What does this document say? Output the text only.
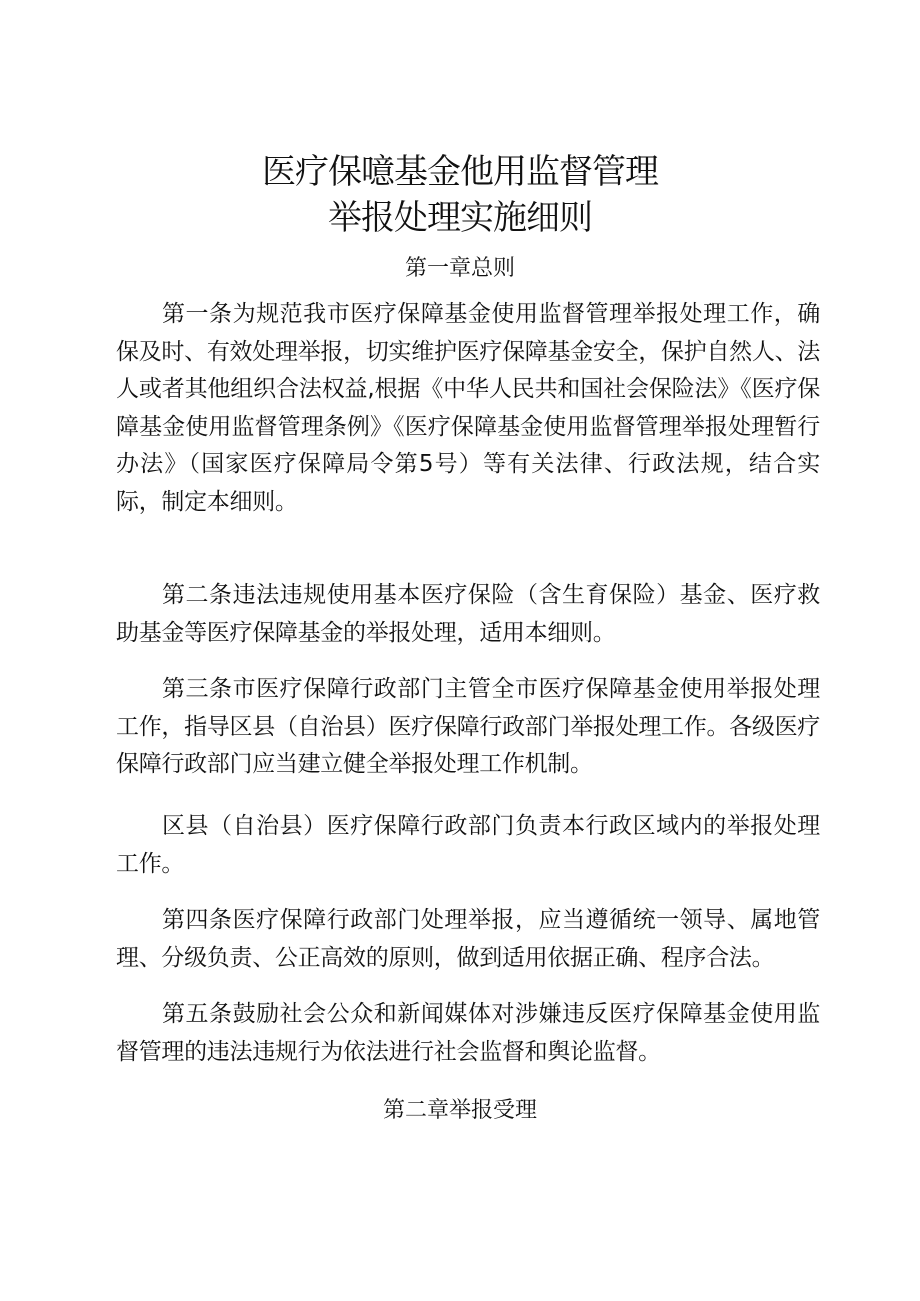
医疗保噫基金他用监督管理
举报处理实施细则
第一章总则

第一条为规范我市医疗保障基金使用监督管理举报处理工作，确保及时、有效处理举报，切实维护医疗保障基金安全，保护自然人、法人或者其他组织合法权益,根据《中华人民共和国社会保险法》《医疗保障基金使用监督管理条例》《医疗保障基金使用监督管理举报处理暂行办法》（国家医疗保障局令第5号）等有关法律、行政法规，结合实际，制定本细则。

第二条违法违规使用基本医疗保险（含生育保险）基金、医疗救助基金等医疗保障基金的举报处理，适用本细则。

第三条市医疗保障行政部门主管全市医疗保障基金使用举报处理工作，指导区县（自治县）医疗保障行政部门举报处理工作。各级医疗保障行政部门应当建立健全举报处理工作机制。

区县（自治县）医疗保障行政部门负责本行政区域内的举报处理工作。

第四条医疗保障行政部门处理举报，应当遵循统一领导、属地管理、分级负责、公正高效的原则，做到适用依据正确、程序合法。

第五条鼓励社会公众和新闻媒体对涉嫌违反医疗保障基金使用监督管理的违法违规行为依法进行社会监督和舆论监督。

第二章举报受理
